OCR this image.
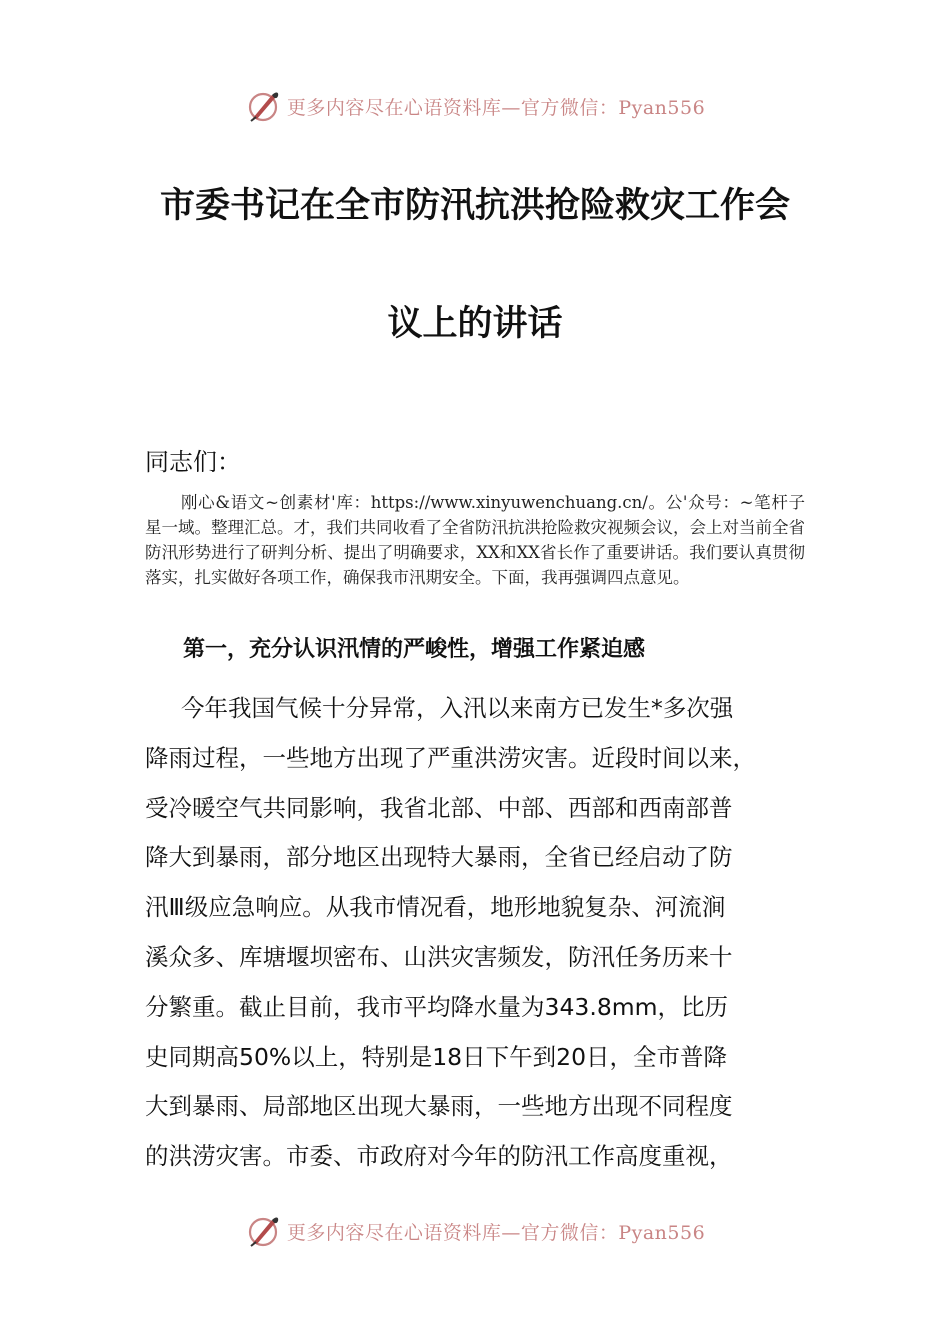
更多内容尽在心语资料库—官方微信：Pyan556
市委书记在全市防汛抗洪抢险救灾工作会
议上的讲话
同志们：
刚心&语文~创素材'库：https://www.xinyuwenchuang.cn/。公'众号：~笔杆子星一域。整理汇总。才，我们共同收看了全省防汛抗洪抢险救灾视频会议，会上对当前全省防汛形势进行了研判分析、提出了明确要求，XX和XX省长作了重要讲话。我们要认真贯彻落实，扎实做好各项工作，确保我市汛期安全。下面，我再强调四点意见。
第一，充分认识汛情的严峻性，增强工作紧迫感
今年我国气候十分异常，入汛以来南方已发生*多次强
降雨过程，一些地方出现了严重洪涝灾害。近段时间以来，
受冷暖空气共同影响，我省北部、中部、西部和西南部普
降大到暴雨，部分地区出现特大暴雨，全省已经启动了防
汛Ⅲ级应急响应。从我市情况看，地形地貌复杂、河流涧
溪众多、库塘堰坝密布、山洪灾害频发，防汛任务历来十
分繁重。截止目前，我市平均降水量为343.8mm，比历
史同期高50%以上，特别是18日下午到20日，全市普降
大到暴雨、局部地区出现大暴雨，一些地方出现不同程度
的洪涝灾害。市委、市政府对今年的防汛工作高度重视，
更多内容尽在心语资料库—官方微信：Pyan556
